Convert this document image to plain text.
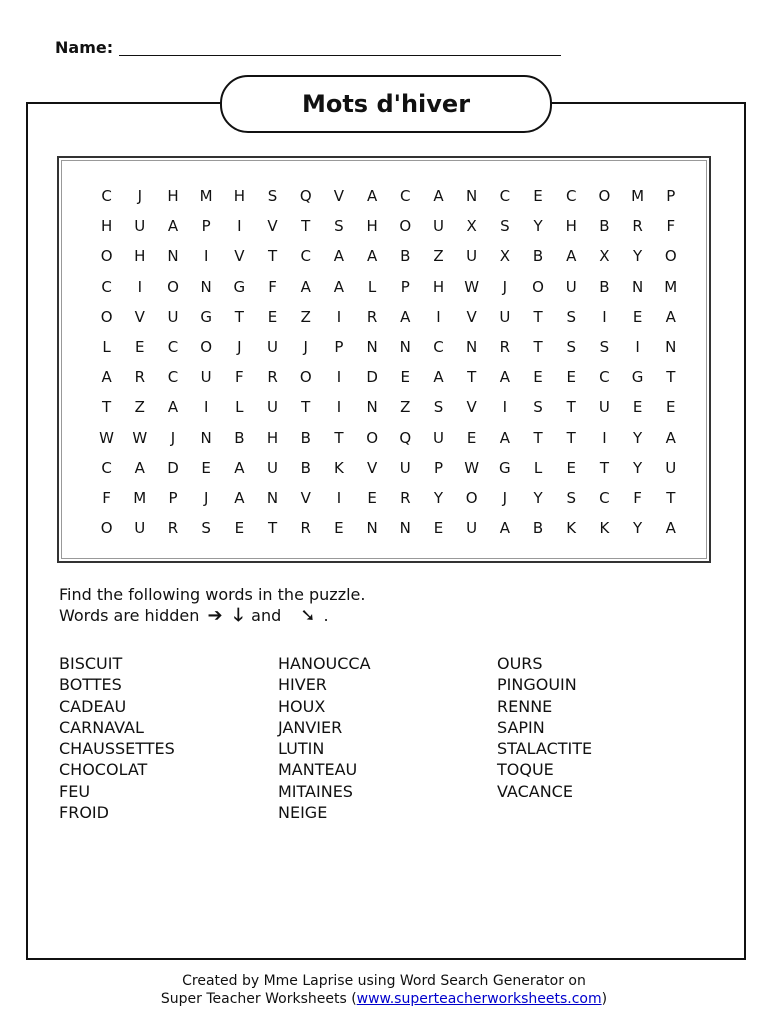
Name:
Mots d'hiver
C	J	H	M	H	S	Q	V	A	C	A	N	C	E	C	O	M	P
H	U	A	P	I	V	T	S	H	O	U	X	S	Y	H	B	R	F
O	H	N	I	V	T	C	A	A	B	Z	U	X	B	A	X	Y	O
C	I	O	N	G	F	A	A	L	P	H	W	J	O	U	B	N	M
O	V	U	G	T	E	Z	I	R	A	I	V	U	T	S	I	E	A
L	E	C	O	J	U	J	P	N	N	C	N	R	T	S	S	I	N
A	R	C	U	F	R	O	I	D	E	A	T	A	E	E	C	G	T
T	Z	A	I	L	U	T	I	N	Z	S	V	I	S	T	U	E	E
W	W	J	N	B	H	B	T	O	Q	U	E	A	T	T	I	Y	A
C	A	D	E	A	U	B	K	V	U	P	W	G	L	E	T	Y	U
F	M	P	J	A	N	V	I	E	R	Y	O	J	Y	S	C	F	T
O	U	R	S	E	T	R	E	N	N	E	U	A	B	K	K	Y	A
Find the following words in the puzzle.
Words are hidden ➔ 🡓 and ➘ .
BISCUIT
BOTTES
CADEAU
CARNAVAL
CHAUSSETTES
CHOCOLAT
FEU
FROID
HANOUCCA
HIVER
HOUX
JANVIER
LUTIN
MANTEAU
MITAINES
NEIGE
OURS
PINGOUIN
RENNE
SAPIN
STALACTITE
TOQUE
VACANCE
Created by Mme Laprise using Word Search Generator on
Super Teacher Worksheets (www.superteacherworksheets.com)
